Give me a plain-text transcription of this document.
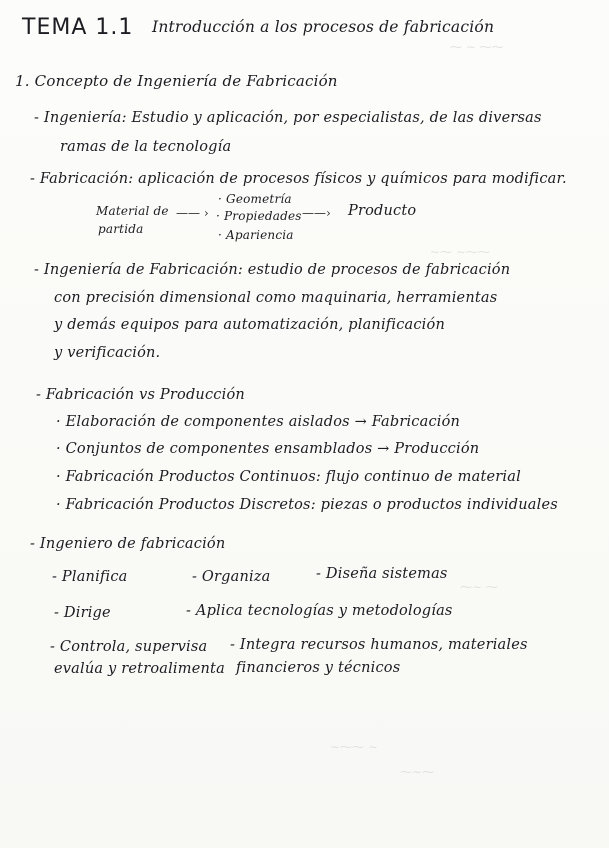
⁓ ∼ ⁓⁓
∼⁓ ∼⁓⁓
⁓∼ ⁓
∼⁓⁓ ∼
⁓∼⁓
TEMA 1.1 Introducción a los procesos de fabricación
1. Concepto de Ingeniería de Fabricación
- Ingeniería: Estudio y aplicación, por especialistas, de las diversas
ramas de la tecnología
- Fabricación: aplicación de procesos físicos y químicos para modificar.
Material de
partida
—— ›
· Geometría
· Propiedades
· Apariencia
——› Producto
- Ingeniería de Fabricación: estudio de procesos de fabricación
con precisión dimensional como maquinaria, herramientas
y demás equipos para automatización, planificación
y verificación.
- Fabricación vs Producción
· Elaboración de componentes aislados → Fabricación
· Conjuntos de componentes ensamblados → Producción
· Fabricación Productos Continuos: flujo continuo de material
· Fabricación Productos Discretos: piezas o productos individuales
- Ingeniero de fabricación
- Planifica	- Organiza	- Diseña sistemas
- Dirige	- Aplica tecnologías y metodologías
- Controla, supervisa
evalúa y retroalimenta
- Integra recursos humanos, materiales
financieros y técnicos
